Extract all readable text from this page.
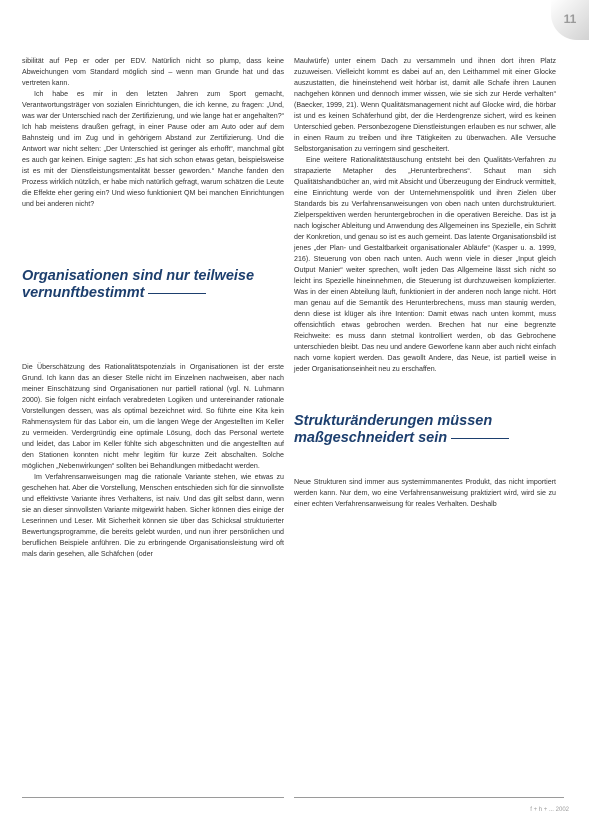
11

sibilität auf Pep er oder per EDV. Natürlich nicht so plump, dass keine Abweichungen vom Standard möglich sind – wenn man Grunde hat und das vertreten kann.

Ich habe es mir in den letzten Jahren zum Sport gemacht, Verantwortungsträger von sozialen Einrichtungen, die ich kenne, zu fragen: „Und, was war der Unterschied nach der Zertifizierung, und wie lange hat er angehalten?“ Ich hab meistens draußen gefragt, in einer Pause oder am Auto oder auf dem Bahnsteig und im Zug und in gehörigem Abstand zur Zertifizierung. Und die Antwort war nicht selten: „Der Unterschied ist geringer als erhofft“, manchmal gibt es auch gar keinen. Einige sagten: „Es hat sich schon etwas getan, beispielsweise ist es mit der Dienstleistungsmentalität besser geworden.“ Manche fanden den Prozess wirklich nützlich, er habe mich natürlich gefragt, warum schätzen die Leute die Effekte eher gering ein? Und wieso funktioniert QM bei manchen Einrichtungen und bei anderen nicht?

Organisationen sind nur teilweise vernunftbestimmt

Die Überschätzung des Rationalitätspotenzials in Organisationen ist der erste Grund. Ich kann das an dieser Stelle nicht im Einzelnen nachweisen, aber nach meiner Einschätzung sind Organisationen nur partiell rational (vgl. N. Luhmann 2000). Sie folgen nicht einfach verabredeten Logiken und untereinander rationale Vorstellungen dessen, was als optimal bezeichnet wird. So führte eine Kita kein Rahmensystem für das Labor ein, um die langen Wege der Angestellten im Keller zu vermeiden. Verdergründig eine optimale Lösung, doch das Personal wertete und leidet, das Labor im Keller fühlte sich abgeschnitten und die angestellten auf den Stationen konnten nicht mehr legitim für kurze Zeit abschalten. Solche möglichen „Nebenwirkungen“ sollten bei Behandlungen mitbedacht werden.

Im Verfahrensanweisungen mag die rationale Variante stehen, wie etwas zu geschehen hat. Aber die Vorstellung, Menschen entschieden sich für die sinnvollste und effektivste Variante ihres Verhaltens, ist naiv. Und das gilt selbst dann, wenn sie an dieser sinnvollsten Variante mitgewirkt haben. Sicher können dies einige der Leserinnen und Leser. Mit Sicherheit können sie über das Schicksal strukturierter Bewertungsprogramme, die bereits gelebt wurden, und nun ihrer persönlichen und beruflichen Beispiele anführen. Die zu erbringende Organisationsleistung wird oft mals darin gesehen, alle Schäfchen (oder

Maulwürfe) unter einem Dach zu versammeln und ihnen dort ihren Platz zuzuweisen. Vielleicht kommt es dabei auf an, den Leithammel mit einer Glocke auszustatten, die hineinstehend weit hörbar ist, damit alle Schafe ihren Launen nachgehen können und dennoch immer wissen, wie sie sich zur Herde verhalten“ (Baecker, 1999, 21). Wenn Qualitätsmanagement nicht auf Glocke wird, die hörbar ist und es keinen Schäferhund gibt, der die Herdengrenze sichert, wird es keinen Unterschied geben. Personbezogene Dienstleistungen erlauben es nur schwer, alle in einen Raum zu treiben und ihre Tätigkeiten zu überwachen. Alle Versuche Selbstorganisation zu verringern sind gescheitert.

Eine weitere Rationalitätstäuschung entsteht bei den Qualitäts-Verfahren zu strapazierte Metapher des „Herunterbrechens“. Schaut man sich Qualitätshandbücher an, wird mit Absicht und Überzeugung der Eindruck vermittelt, eine Einrichtung werde von der Unternehmenspolitik und ihren Zielen über Standards bis zu Verfahrensanweisungen von oben nach unten durchstrukturiert. Zielperspektiven werden heruntergebrochen in die operativen Bereiche. Das ist ja nach logischer Ableitung und Anwendung des Allgemeinen ins Spezielle, ein Schritt der Konkretion, und genau so ist es auch gemeint. Das latente Organisationsbild ist jenes „der Plan- und Gestaltbarkeit organisationaler Abläufe“ (Kasper u. a. 1999, 216). Steuerung von oben nach unten. Auch wenn viele in dieser „Input gleich Output Manier“ weiter sprechen, wollt jeden Das Allgemeine lässt sich nicht so leicht ins Spezielle hineinnehmen, die Steuerung ist durchzuweisen komplizierter. Was in der einen Abteilung läuft, funktioniert in der anderen noch lange nicht. Hört man genau auf die Semantik des Herunterbrechens, muss man staunig werden, denn diese ist klüger als ihre Intention: Damit etwas nach unten kommt, muss offensichtlich etwas gebrochen werden. Brechen hat nur eine begrenzte Reichweite: es muss dann stetmal kontrolliert werden, ob das Gebrochene unterschieden bleibt. Das neu und andere Geworfene kann aber auch nicht einfach nach vorne kopiert werden. Das gewollt Andere, das Neue, ist partiell weise in jeder Organisationseinheit neu zu erschaffen.

Strukturänderungen müssen maßgeschneidert sein

Neue Strukturen sind immer aus systemimmanentes Produkt, das nicht importiert werden kann. Nur dem, wo eine Verfahrensanweisung praktiziert wird, wird sie zu einer echten Verfahrensanweisung für reales Verhalten. Deshalb

f + h + ... 2002
